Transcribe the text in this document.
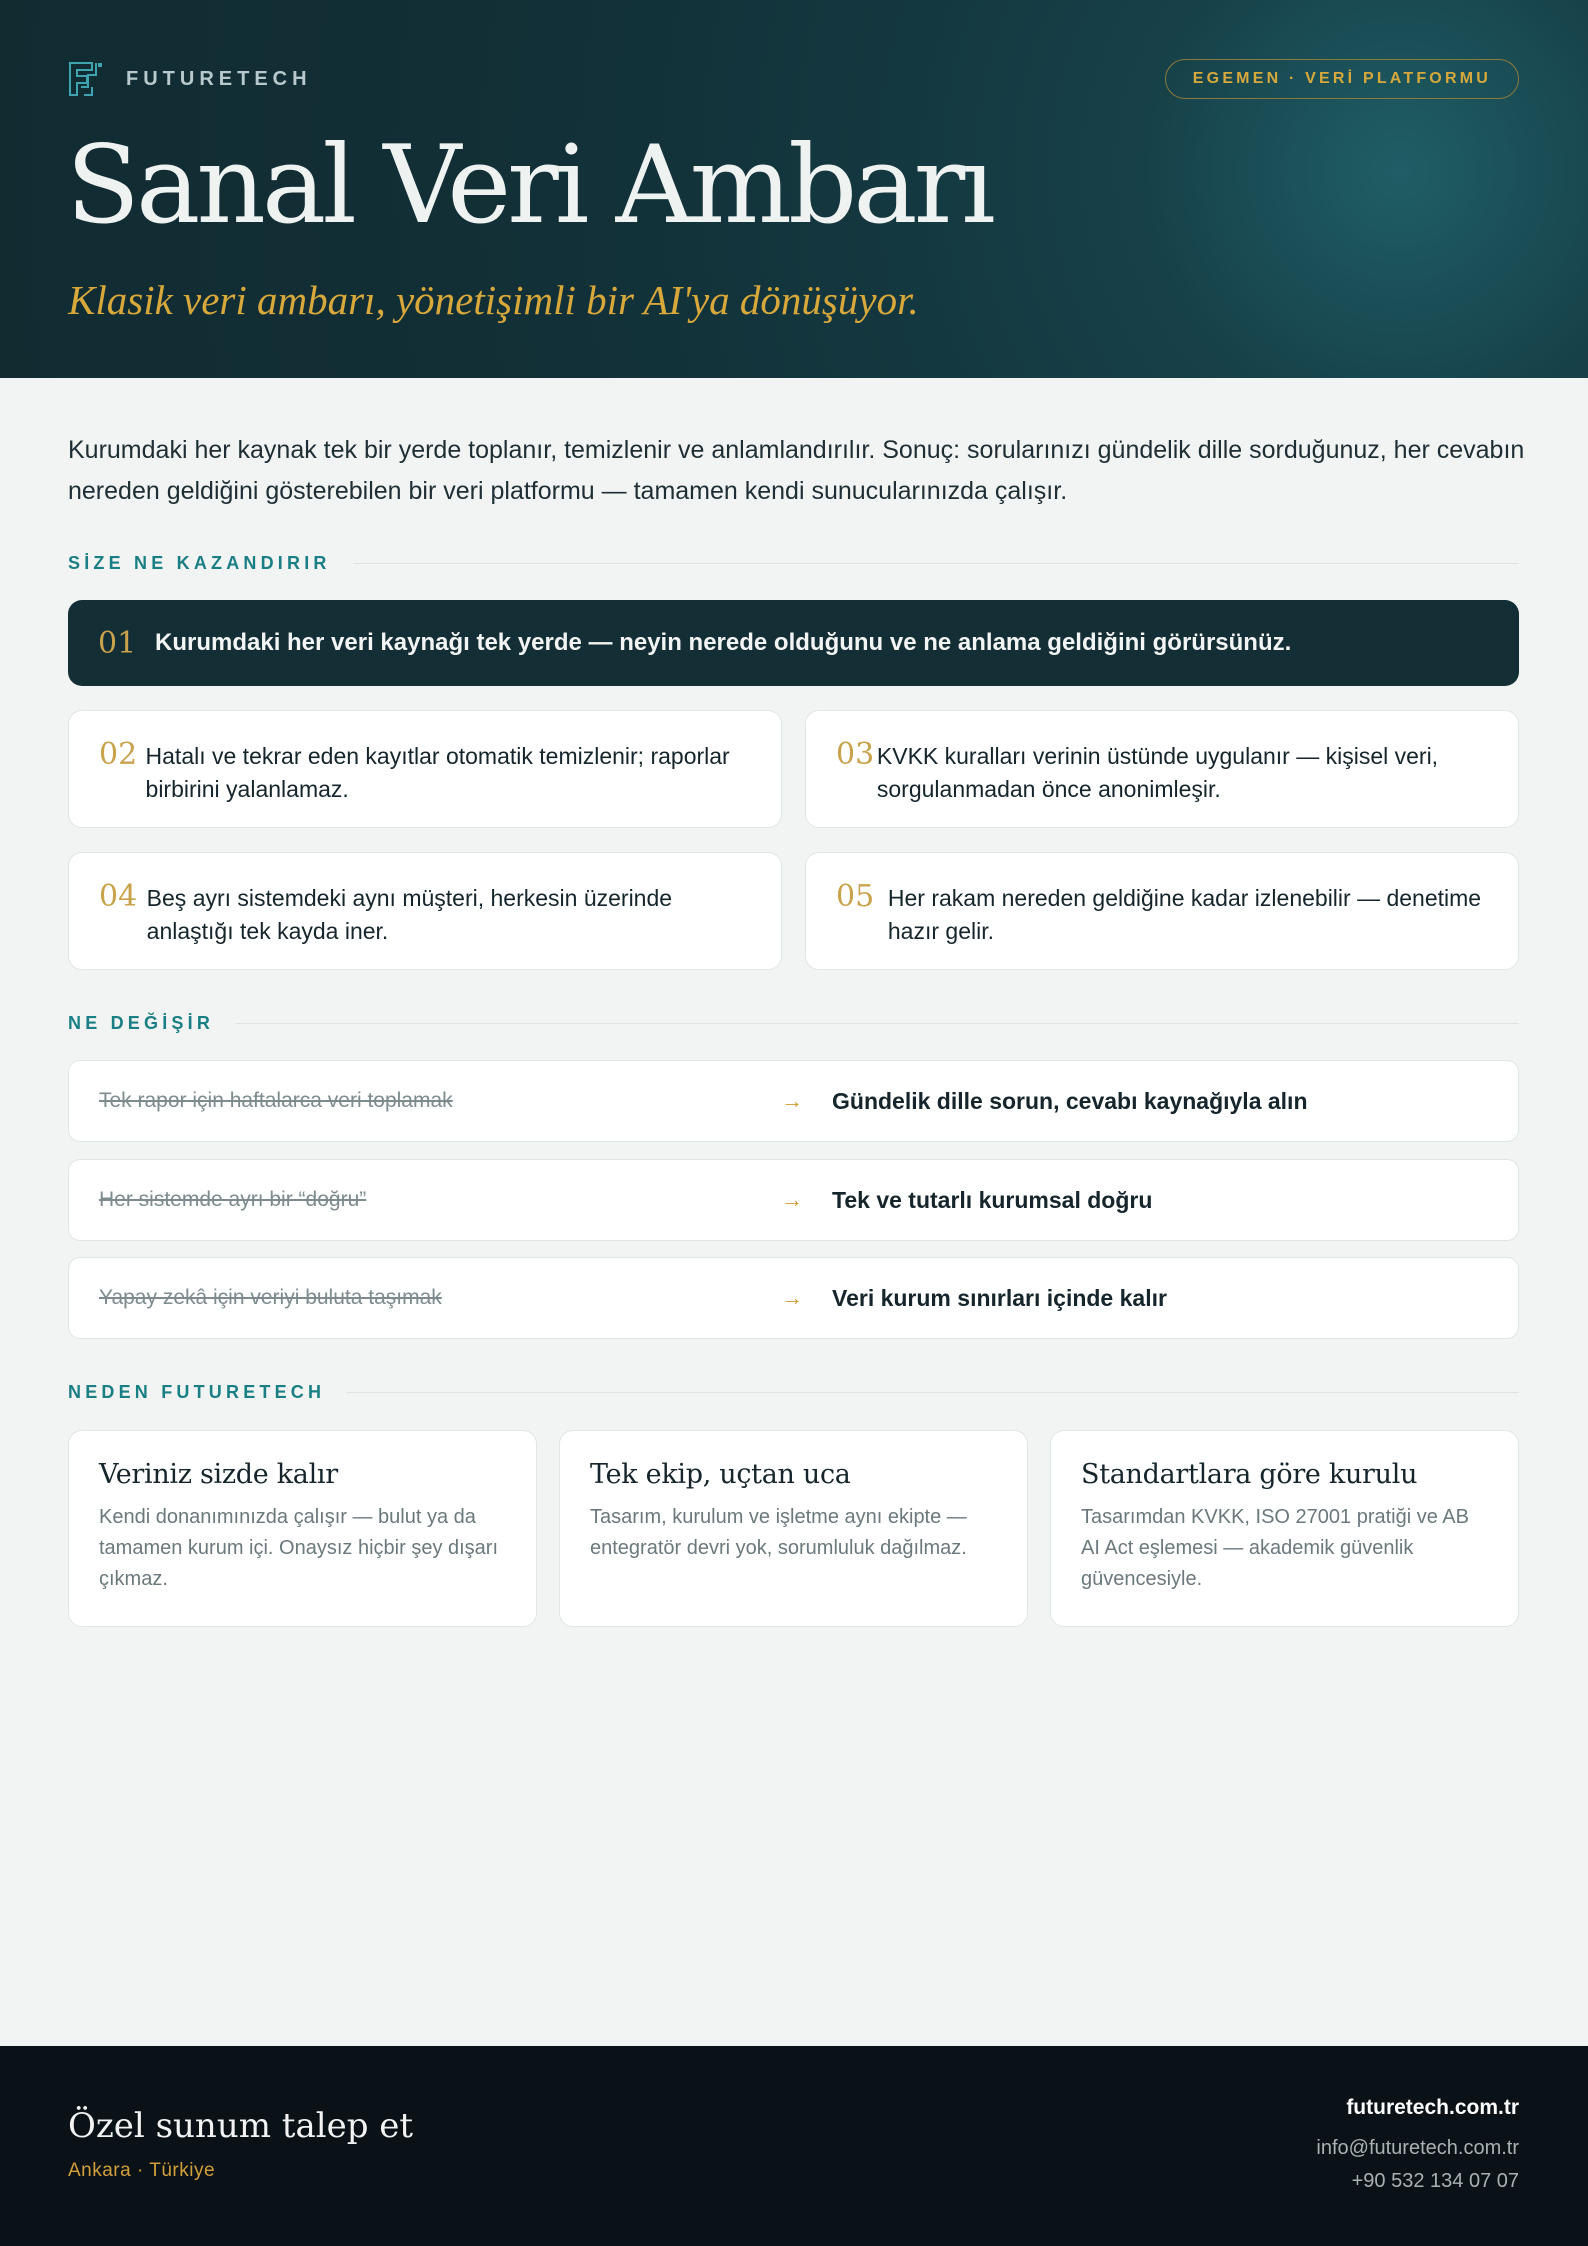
FUTURETECH	EGEMEN · VERİ PLATFORMU
Sanal Veri Ambarı

Klasik veri ambarı, yönetişimli bir AI'ya dönüşüyor.

Kurumdaki her kaynak tek bir yerde toplanır, temizlenir ve anlamlandırılır. Sonuç: sorularınızı gündelik dille sorduğunuz, her cevabın nereden geldiğini gösterebilen bir veri platformu — tamamen kendi sunucularınızda çalışır.

SİZE NE KAZANDIRIR
01 Kurumdaki her veri kaynağı tek yerde — neyin nerede olduğunu ve ne anlama geldiğini görürsünüz.
02 Hatalı ve tekrar eden kayıtlar otomatik temizlenir; raporlar birbirini yalanlamaz.
03 KVKK kuralları verinin üstünde uygulanır — kişisel veri, sorgulanmadan önce anonimleşir.
04 Beş ayrı sistemdeki aynı müşteri, herkesin üzerinde anlaştığı tek kayda iner.
05 Her rakam nereden geldiğine kadar izlenebilir — denetime hazır gelir.
NE DEĞİŞİR
Tek rapor için haftalarca veri toplamak	→ Gündelik dille sorun, cevabı kaynağıyla alın
Her sistemde ayrı bir “doğru”	→ Tek ve tutarlı kurumsal doğru
Yapay zekâ için veriyi buluta taşımak	→ Veri kurum sınırları içinde kalır
NEDEN FUTURETECH
Veriniz sizde kalır
Kendi donanımınızda çalışır — bulut ya da tamamen kurum içi. Onaysız hiçbir şey dışarı çıkmaz.
Tek ekip, uçtan uca
Tasarım, kurulum ve işletme aynı ekipte — entegratör devri yok, sorumluluk dağılmaz.
Standartlara göre kurulu
Tasarımdan KVKK, ISO 27001 pratiği ve AB AI Act eşlemesi — akademik güvenlik güvencesiyle.
Özel sunum talep et
Ankara · Türkiye
futuretech.com.tr
info@futuretech.com.tr
+90 532 134 07 07
